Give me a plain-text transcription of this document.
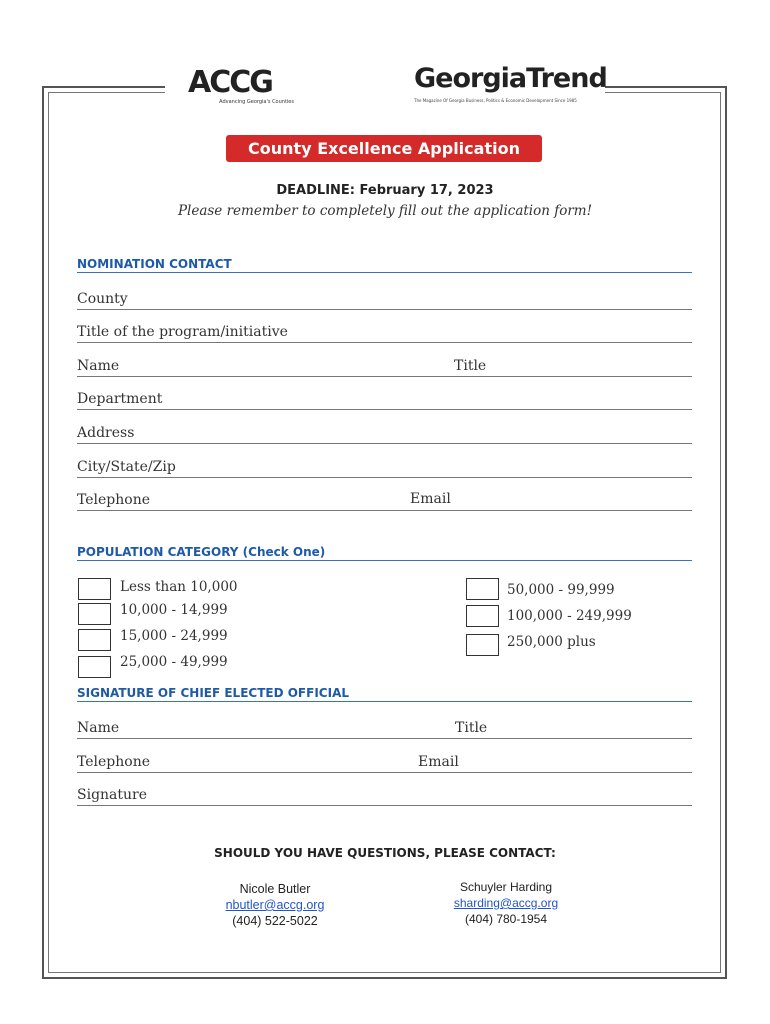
ACCG
Advancing Georgia's Counties
GeorgiaTrend
The Magazine Of Georgia Business, Politics & Economic Development Since 1985
County Excellence Application
DEADLINE: February 17, 2023
Please remember to completely fill out the application form!
NOMINATION CONTACT
County
Title of the program/initiative
Name	Title
Department
Address
City/State/Zip
Telephone	Email
POPULATION CATEGORY (Check One)
Less than 10,000
10,000 - 14,999
15,000 - 24,999
25,000 - 49,999
50,000 - 99,999
100,000 - 249,999
250,000 plus
SIGNATURE OF CHIEF ELECTED OFFICIAL
Name	Title
Telephone	Email
Signature
SHOULD YOU HAVE QUESTIONS, PLEASE CONTACT:
Nicole Butler
nbutler@accg.org
(404) 522-5022
Schuyler Harding
sharding@accg.org
(404) 780-1954
